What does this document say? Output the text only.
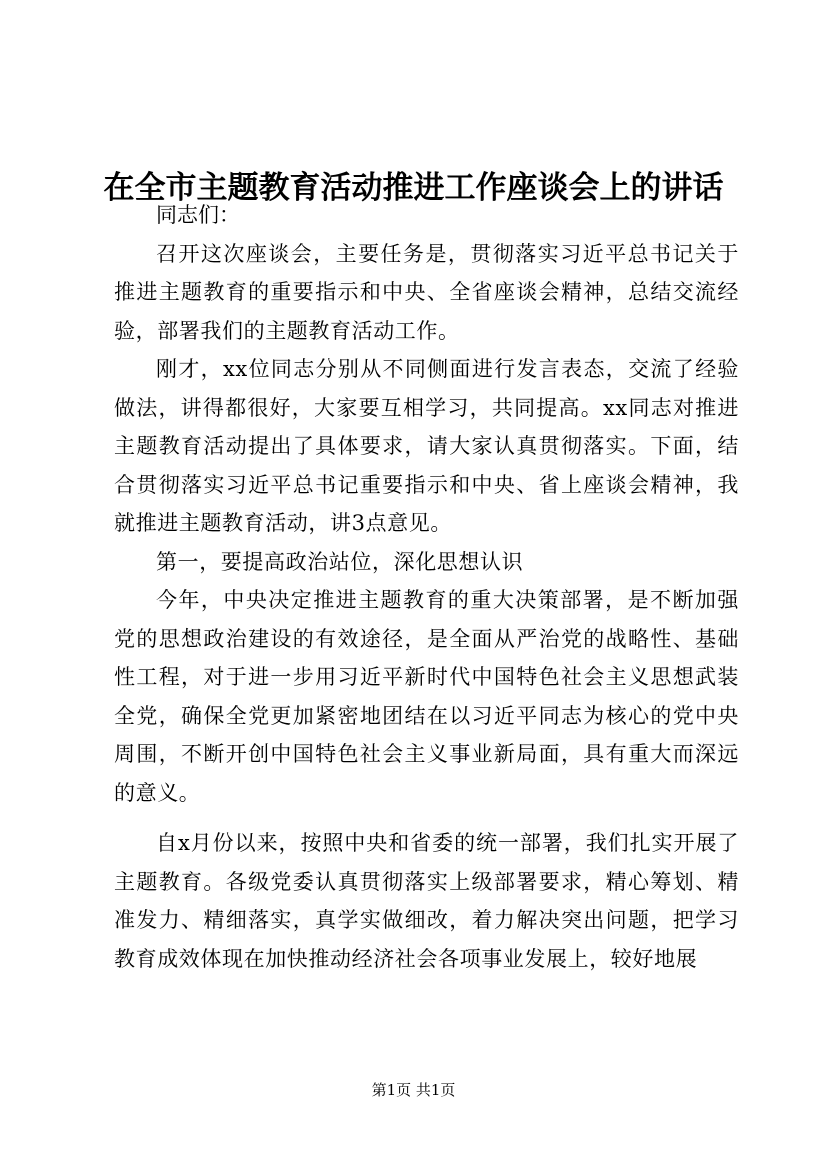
在全市主题教育活动推进工作座谈会上的讲话

同志们：

召开这次座谈会，主要任务是，贯彻落实习近平总书记关于推进主题教育的重要指示和中央、全省座谈会精神，总结交流经验，部署我们的主题教育活动工作。

刚才，xx位同志分别从不同侧面进行发言表态，交流了经验做法，讲得都很好，大家要互相学习，共同提高。xx同志对推进主题教育活动提出了具体要求，请大家认真贯彻落实。下面，结合贯彻落实习近平总书记重要指示和中央、省上座谈会精神，我就推进主题教育活动，讲3点意见。

第一，要提高政治站位，深化思想认识

今年，中央决定推进主题教育的重大决策部署，是不断加强党的思想政治建设的有效途径，是全面从严治党的战略性、基础性工程，对于进一步用习近平新时代中国特色社会主义思想武装全党，确保全党更加紧密地团结在以习近平同志为核心的党中央周围，不断开创中国特色社会主义事业新局面，具有重大而深远的意义。

自x月份以来，按照中央和省委的统一部署，我们扎实开展了主题教育。各级党委认真贯彻落实上级部署要求，精心筹划、精准发力、精细落实，真学实做细改，着力解决突出问题，把学习教育成效体现在加快推动经济社会各项事业发展上，较好地展

第1页 共1页
